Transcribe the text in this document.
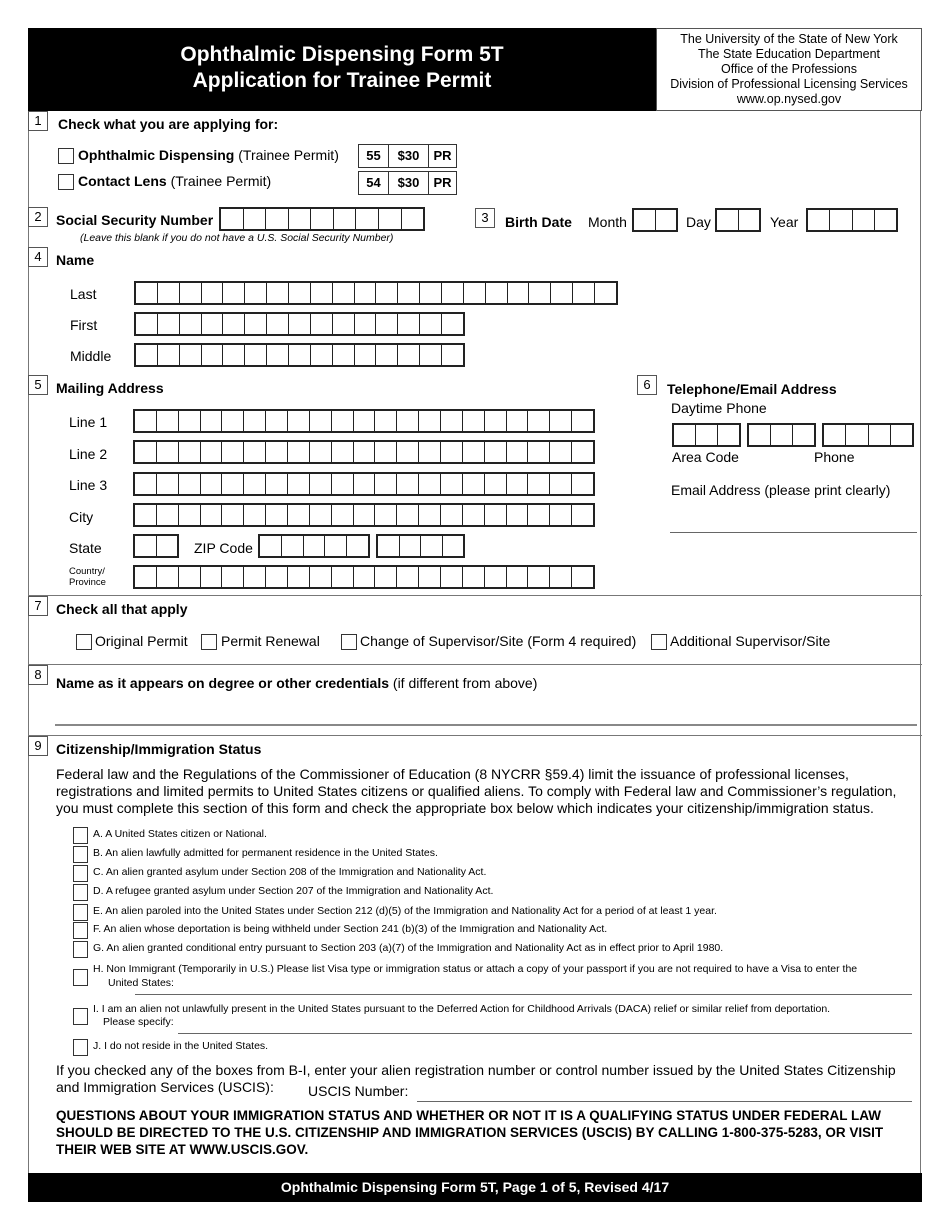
Ophthalmic Dispensing Form 5T
Application for Trainee Permit
The University of the State of New York
The State Education Department
Office of the Professions
Division of Professional Licensing Services
www.op.nysed.gov
1	Check what you are applying for:
Ophthalmic Dispensing (Trainee Permit)	55	$30	PR
Contact Lens (Trainee Permit)	54	$30	PR
2	Social Security Number
(Leave this blank if you do not have a U.S. Social Security Number)
3	Birth Date Month	Day	Year
4	Name
Last
First
Middle
5	Mailing Address
Line 1
Line 2
Line 3
City
State	ZIP Code
Country/
Province
6	Telephone/Email Address
Daytime Phone
Area Code	Phone
Email Address (please print clearly)
7	Check all that apply
Original Permit Permit Renewal	Change of Supervisor/Site (Form 4 required) Additional Supervisor/Site
8
Name as it appears on degree or other credentials (if different from above)
9	Citizenship/Immigration Status
Federal law and the Regulations of the Commissioner of Education (8 NYCRR §59.4) limit the issuance of professional licenses, registrations and limited permits to United States citizens or qualified aliens. To comply with Federal law and Commissioner’s regulation, you must complete this section of this form and check the appropriate box below which indicates your citizenship/immigration status.
A. A United States citizen or National.
B. An alien lawfully admitted for permanent residence in the United States.
C. An alien granted asylum under Section 208 of the Immigration and Nationality Act.
D. A refugee granted asylum under Section 207 of the Immigration and Nationality Act.
E. An alien paroled into the United States under Section 212 (d)(5) of the Immigration and Nationality Act for a period of at least 1 year.
F. An alien whose deportation is being withheld under Section 241 (b)(3) of the Immigration and Nationality Act.
G. An alien granted conditional entry pursuant to Section 203 (a)(7) of the Immigration and Nationality Act as in effect prior to April 1980.
H. Non Immigrant (Temporarily in U.S.) Please list Visa type or immigration status or attach a copy of your passport if you are not required to have a Visa to enter the
United States:
I. I am an alien not unlawfully present in the United States pursuant to the Deferred Action for Childhood Arrivals (DACA) relief or similar relief from deportation.
Please specify:
J. I do not reside in the United States.
If you checked any of the boxes from B-I, enter your alien registration number or control number issued by the United States Citizenship
and Immigration Services (USCIS):	USCIS Number:
QUESTIONS ABOUT YOUR IMMIGRATION STATUS AND WHETHER OR NOT IT IS A QUALIFYING STATUS UNDER FEDERAL LAW SHOULD BE DIRECTED TO THE U.S. CITIZENSHIP AND IMMIGRATION SERVICES (USCIS) BY CALLING 1-800-375-5283, OR VISIT THEIR WEB SITE AT WWW.USCIS.GOV.
Ophthalmic Dispensing Form 5T, Page 1 of 5, Revised 4/17
